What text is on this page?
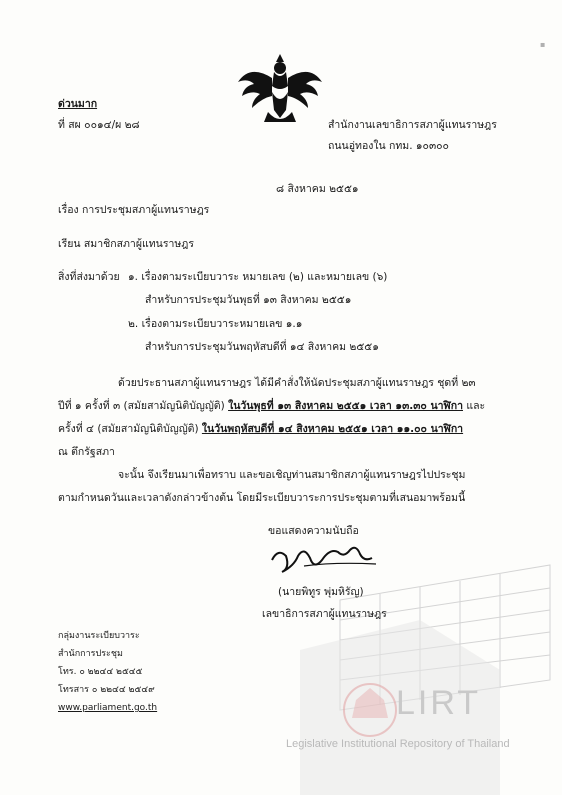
LIRT
Legislative Institutional Repository of Thailand
▪
ด่วนมาก
ที่ สผ ๐๐๑๔/ผ ๒๘	สำนักงานเลขาธิการสภาผู้แทนราษฎร
ถนนอู่ทองใน กทม. ๑๐๓๐๐
๘ สิงหาคม ๒๕๕๑
เรื่อง การประชุมสภาผู้แทนราษฎร
เรียน สมาชิกสภาผู้แทนราษฎร
สิ่งที่ส่งมาด้วย ๑. เรื่องตามระเบียบวาระ หมายเลข (๒) และหมายเลข (๖)
สำหรับการประชุมวันพุธที่ ๑๓ สิงหาคม ๒๕๕๑
๒. เรื่องตามระเบียบวาระหมายเลข ๑.๑
สำหรับการประชุมวันพฤหัสบดีที่ ๑๔ สิงหาคม ๒๕๕๑
ด้วยประธานสภาผู้แทนราษฎร ได้มีคำสั่งให้นัดประชุมสภาผู้แทนราษฎร ชุดที่ ๒๓
ปีที่ ๑ ครั้งที่ ๓ (สมัยสามัญนิติบัญญัติ) ในวันพุธที่ ๑๓ สิงหาคม ๒๕๕๑ เวลา ๑๓.๓๐ นาฬิกา และ
ครั้งที่ ๔ (สมัยสามัญนิติบัญญัติ) ในวันพฤหัสบดีที่ ๑๔ สิงหาคม ๒๕๕๑ เวลา ๑๑.๐๐ นาฬิกา
ณ ตึกรัฐสภา
จะนั้น จึงเรียนมาเพื่อทราบ และขอเชิญท่านสมาชิกสภาผู้แทนราษฎรไปประชุม
ตามกำหนดวันและเวลาดังกล่าวข้างต้น โดยมีระเบียบวาระการประชุมตามที่เสนอมาพร้อมนี้
ขอแสดงความนับถือ
(นายพิทูร พุ่มหิรัญ)
เลขาธิการสภาผู้แทนราษฎร
กลุ่มงานระเบียบวาระ
สำนักการประชุม
โทร. ๐ ๒๒๔๔ ๒๕๔๕
โทรสาร ๐ ๒๒๔๔ ๒๕๔๙
www.parliament.go.th
